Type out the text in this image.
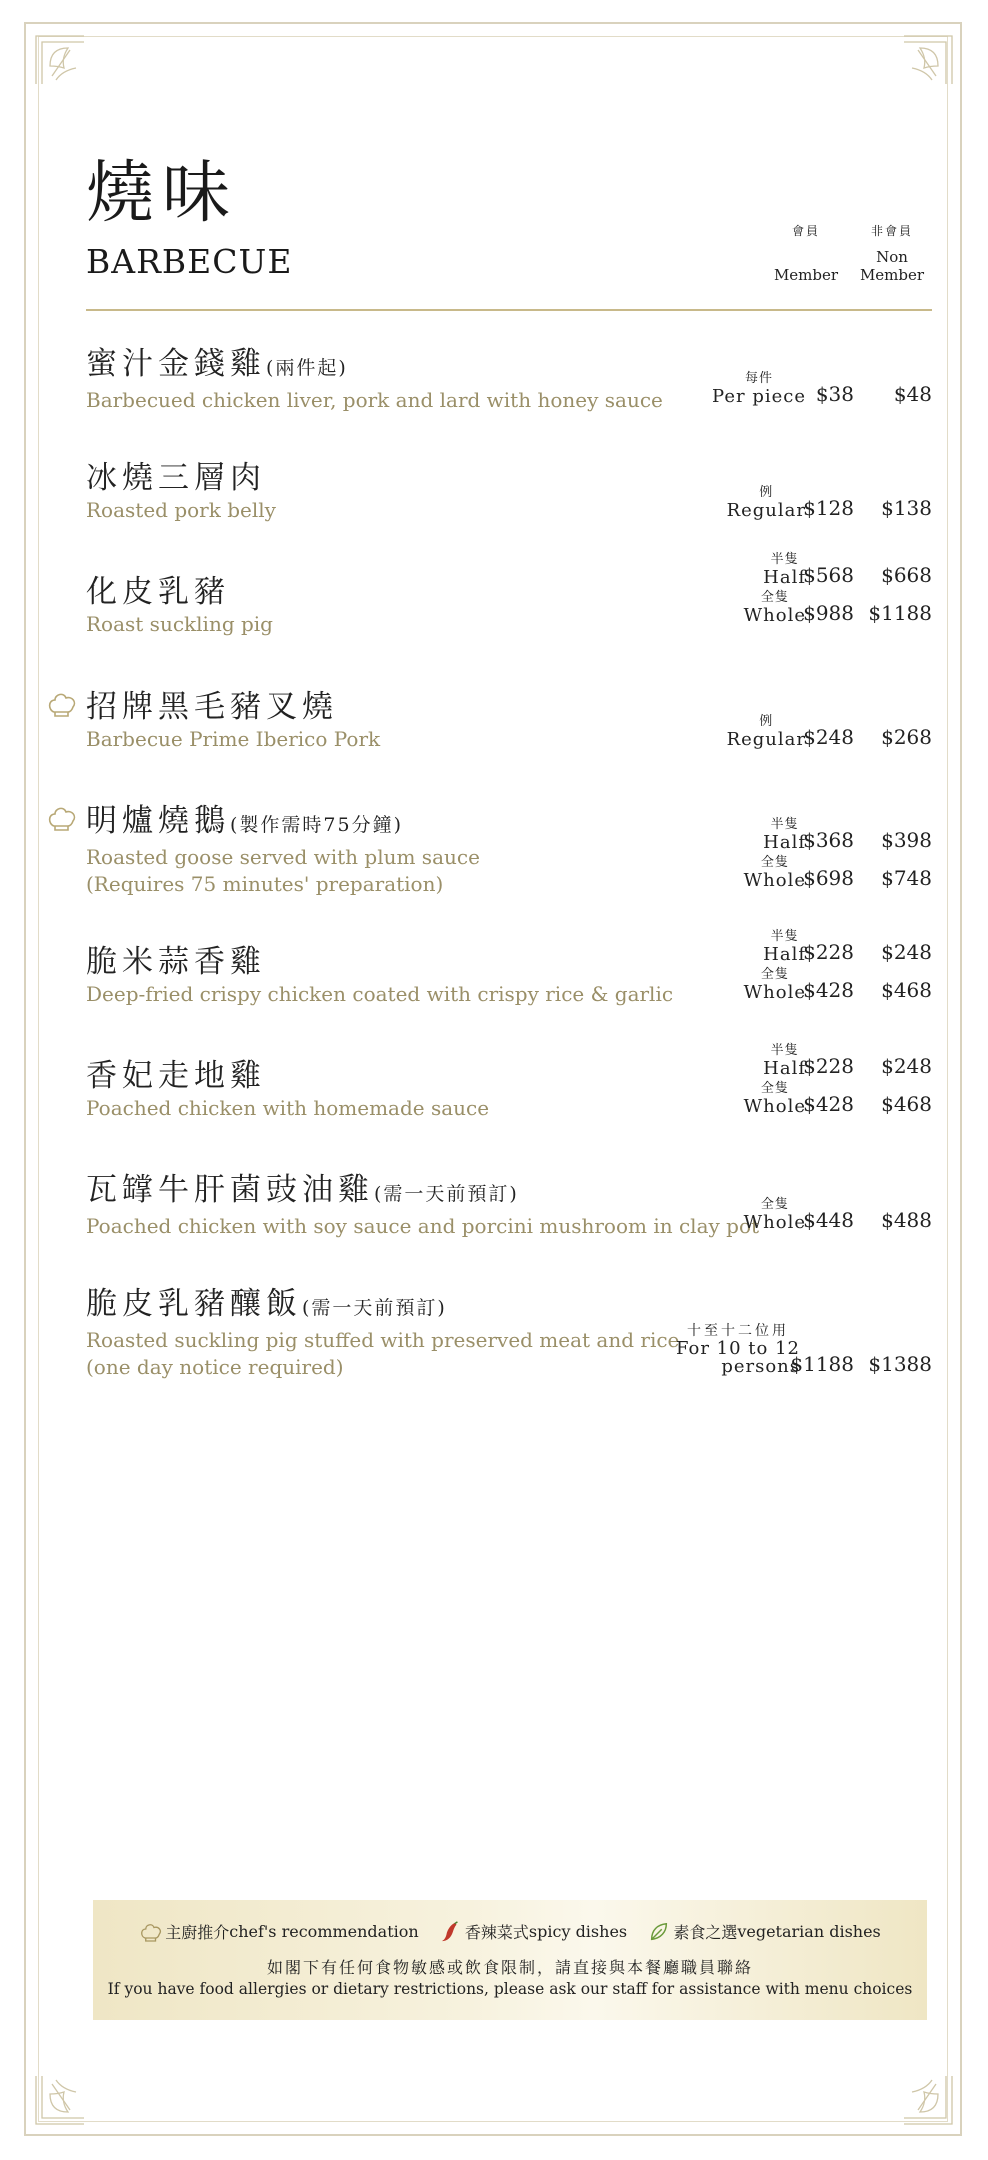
燒味
BARBECUE
會員
Member
非會員
Non
Member
蜜汁金錢雞(兩件起)
Barbecued chicken liver, pork and lard with honey sauce
每件
Per piece $38 $48
冰燒三層肉
Roasted pork belly
例
Regular
$128 $138
化皮乳豬
Roast suckling pig
半隻
Half
$568 $668
全隻
Whole
$988 $1188
招牌黑毛豬叉燒
Barbecue Prime Iberico Pork
例
Regular
$248 $268
明爐燒鵝(製作需時75分鐘)
Roasted goose served with plum sauce
(Requires 75 minutes' preparation)
半隻
Half
$368 $398
全隻
Whole
$698 $748
脆米蒜香雞
Deep-fried crispy chicken coated with crispy rice & garlic
半隻
Half
$228 $248
全隻
Whole
$428 $468
香妃走地雞
Poached chicken with homemade sauce
半隻
Half
$228 $248
全隻
Whole
$428 $468
瓦罉牛肝菌豉油雞(需一天前預訂)
Poached chicken with soy sauce and porcini mushroom in clay pot
全隻
Whole
$448 $488
脆皮乳豬釀飯(需一天前預訂)
Roasted suckling pig stuffed with preserved meat and rice
(one day notice required)
十至十二位用
For 10 to 12
persons
$1188 $1388
主廚推介chef's recommendation	香辣菜式spicy dishes	素食之選vegetarian dishes
如閣下有任何食物敏感或飲食限制，請直接與本餐廳職員聯絡
If you have food allergies or dietary restrictions, please ask our staff for assistance with menu choices
